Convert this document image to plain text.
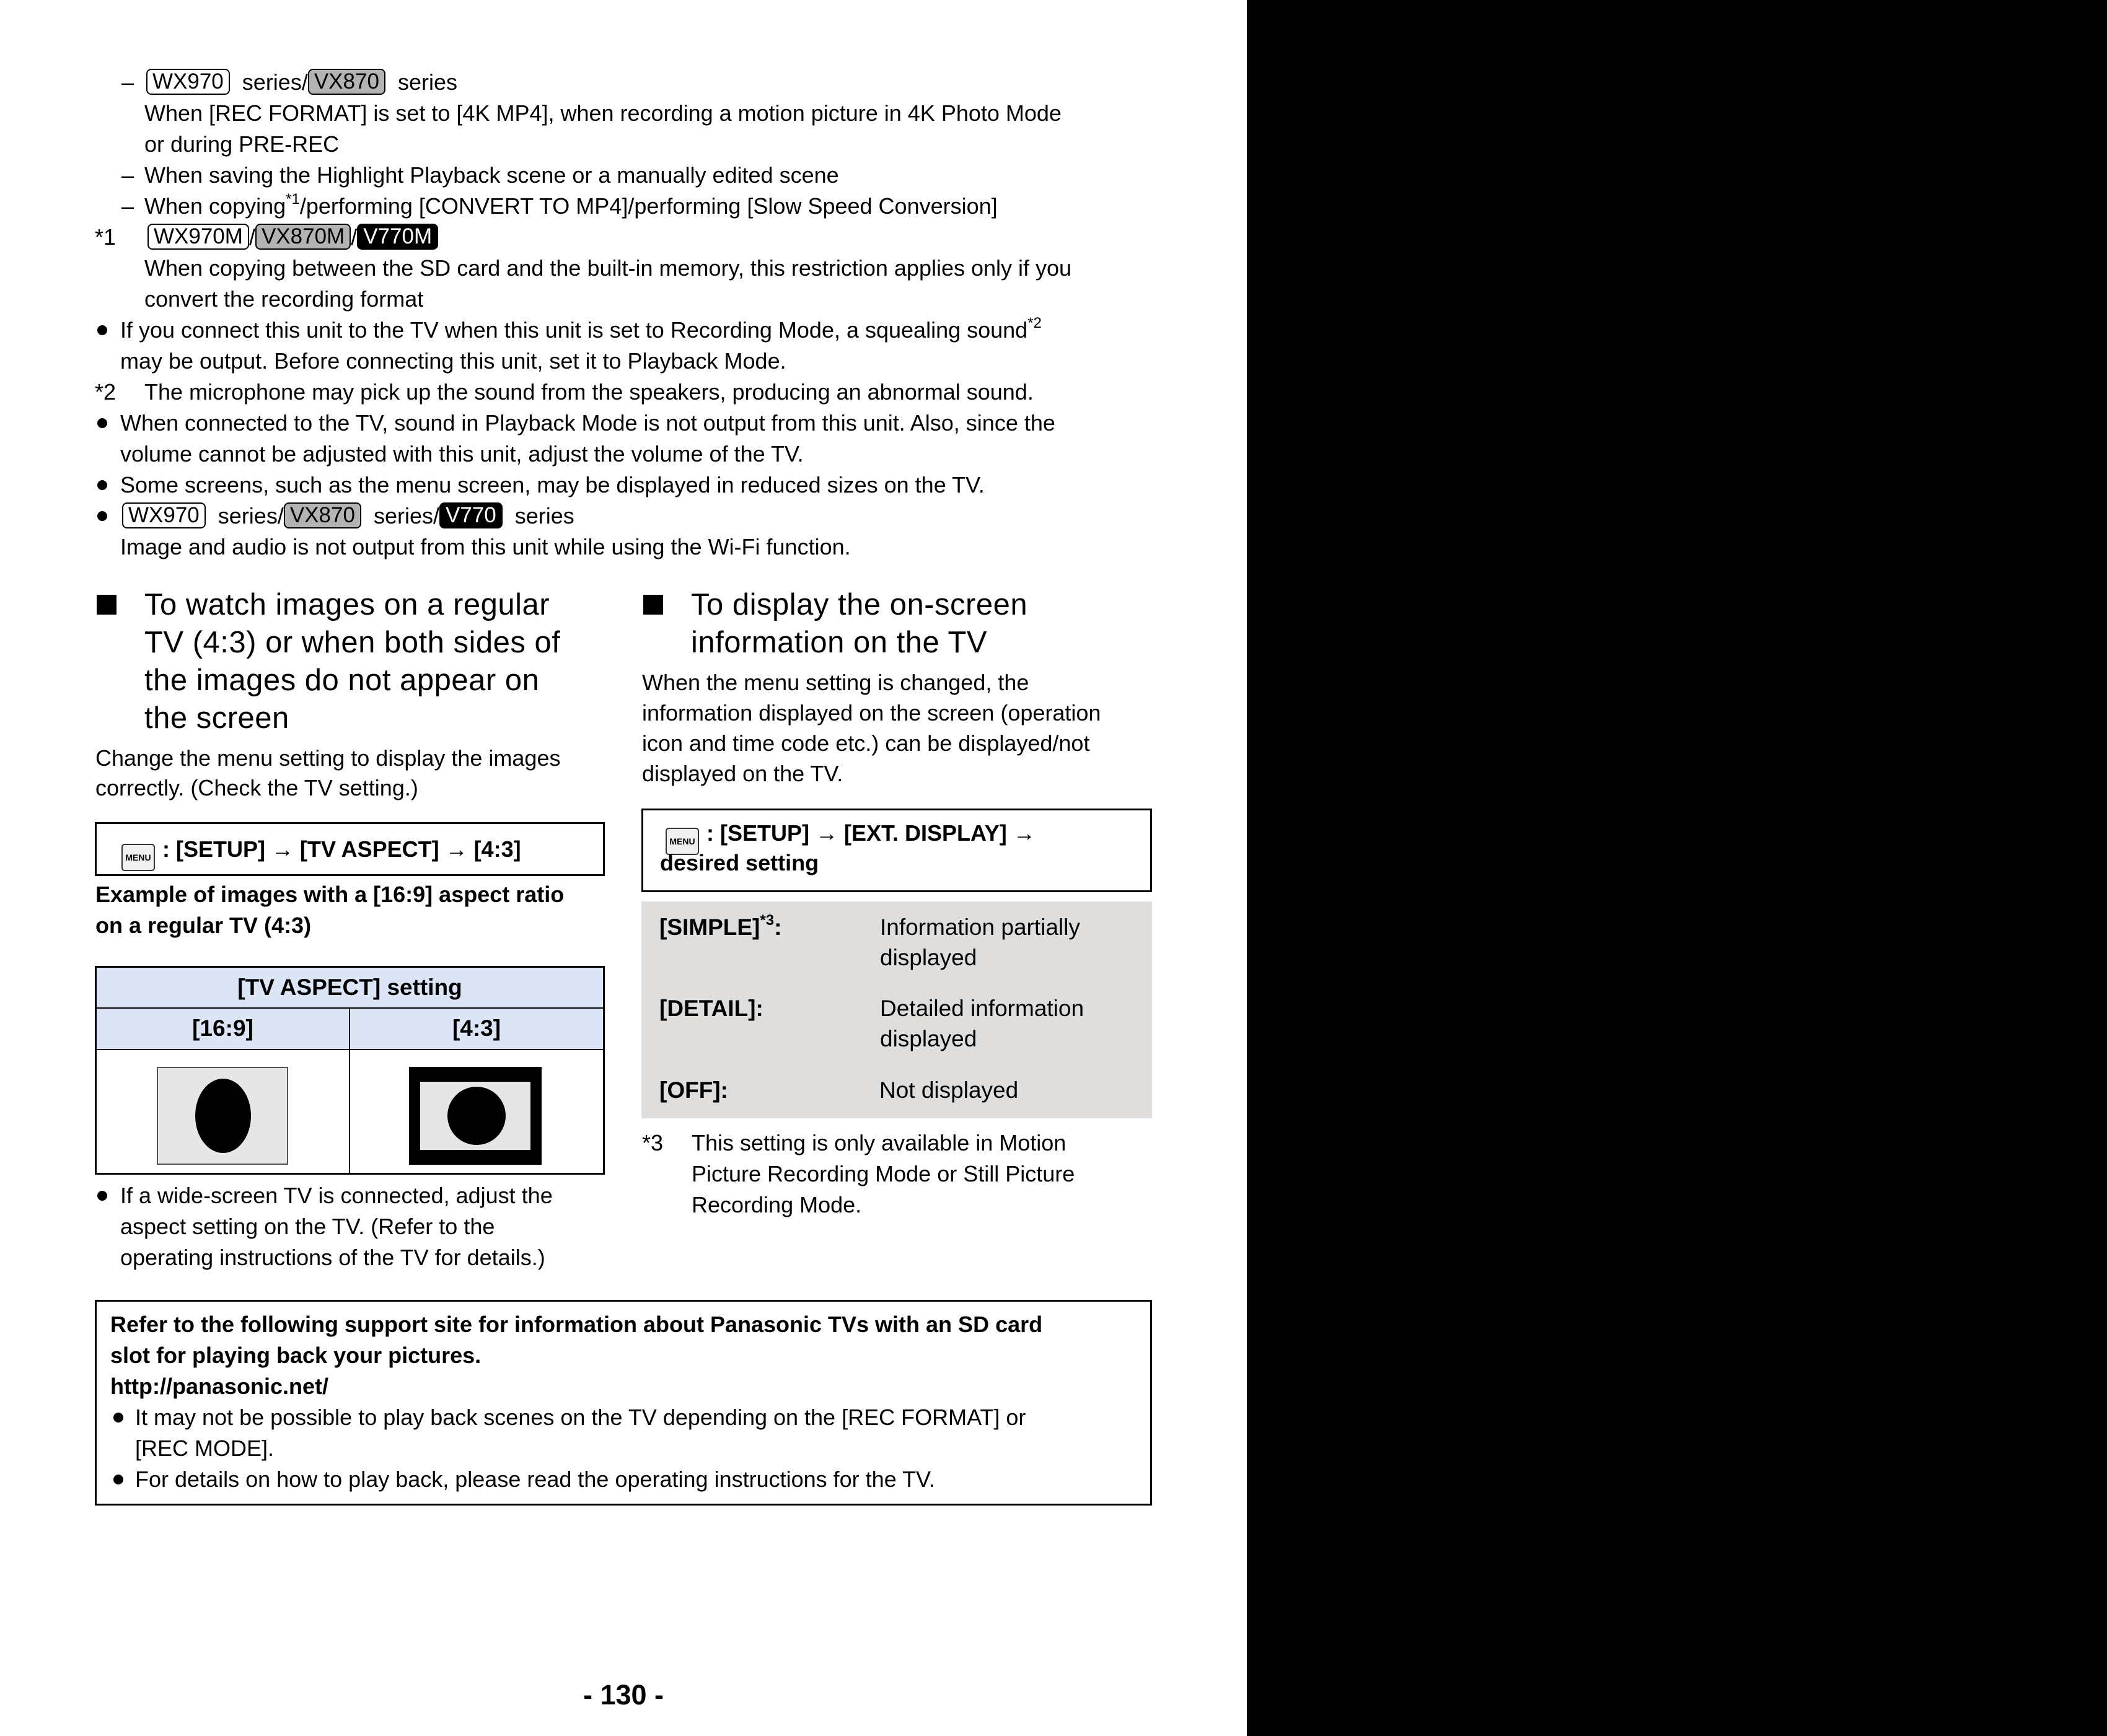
– WX970 series/ VX870 series
When [REC FORMAT] is set to [4K MP4], when recording a motion picture in 4K Photo Mode
or during PRE-REC
– When saving the Highlight Playback scene or a manually edited scene
– When copying$^{*1}$/performing [CONVERT TO MP4]/performing [Slow Speed Conversion]
*1 WX970M / VX870M / V770M
When copying between the SD card and the built-in memory, this restriction applies only if you
convert the recording format
If you connect this unit to the TV when this unit is set to Recording Mode, a squealing sound$^{*2}$
may be output. Before connecting this unit, set it to Playback Mode.
*2 The microphone may pick up the sound from the speakers, producing an abnormal sound.
When connected to the TV, sound in Playback Mode is not output from this unit. Also, since the
volume cannot be adjusted with this unit, adjust the volume of the TV.
Some screens, such as the menu screen, may be displayed in reduced sizes on the TV.
WX970 series/ VX870 series/ V770 series
Image and audio is not output from this unit while using the Wi-Fi function.
To watch images on a regular
TV (4:3) or when both sides of
the images do not appear on
the screen
Change the menu setting to display the images
correctly. (Check the TV setting.)
MENU : [SETUP] → [TV ASPECT] → [4:3]
Example of images with a [16:9] aspect ratio
on a regular TV (4:3)
[TV ASPECT] setting
[16:9]	[4:3]
If a wide-screen TV is connected, adjust the
aspect setting on the TV. (Refer to the
operating instructions of the TV for details.)
To display the on-screen
information on the TV
When the menu setting is changed, the
information displayed on the screen (operation
icon and time code etc.) can be displayed/not
displayed on the TV.
MENU : [SETUP] → [EXT. DISPLAY] →
desired setting
[SIMPLE]$^{*3}$:	Information partially
displayed
[DETAIL]:	Detailed information
displayed
[OFF]:	Not displayed
*3 This setting is only available in Motion
Picture Recording Mode or Still Picture
Recording Mode.
Refer to the following support site for information about Panasonic TVs with an SD card
slot for playing back your pictures.
http://panasonic.net/
It may not be possible to play back scenes on the TV depending on the [REC FORMAT] or
[REC MODE].
For details on how to play back, please read the operating instructions for the TV.
- 130 -
